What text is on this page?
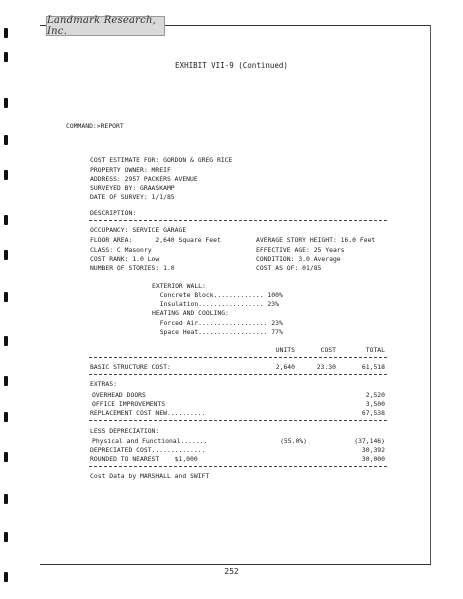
Landmark Research, Inc.
EXHIBIT VII-9 (Continued)
COMMAND:>REPORT
COST ESTIMATE FOR: GORDON & GREG RICE
PROPERTY OWNER: MREIF
ADDRESS: 2957 PACKERS AVENUE
SURVEYED BY: GRAASKAMP
DATE OF SURVEY: 1/1/85
DESCRIPTION:
OCCUPANCY: SERVICE GARAGE
FLOOR AREA:      2,640 Square Feet
CLASS: C Masonry
COST RANK: 1.0 Low
NUMBER OF STORIES: 1.0
AVERAGE STORY HEIGHT: 16.0 Feet
EFFECTIVE AGE: 25 Years
CONDITION: 3.0 Average
COST AS OF: 01/85
EXTERIOR WALL:
Concrete Block............. 100%
Insulation................. 23%
HEATING AND COOLING:
Forced Air.................. 23%
Space Heat.................. 77%
UNITS	COST	TOTAL
BASIC STRUCTURE COST:	2,640	23.30	61,518
EXTRAS:
OVERHEAD DOORS	2,520
OFFICE IMPROVEMENTS	3,500
REPLACEMENT COST NEW..........	67,538
LESS DEPRECIATION:
Physical and Functional.......	(55.0%)	(37,146)
DEPRECIATED COST..............	30,392
ROUNDED TO NEAREST    $1,000	30,000
Cost Data by MARSHALL and SWIFT
252
